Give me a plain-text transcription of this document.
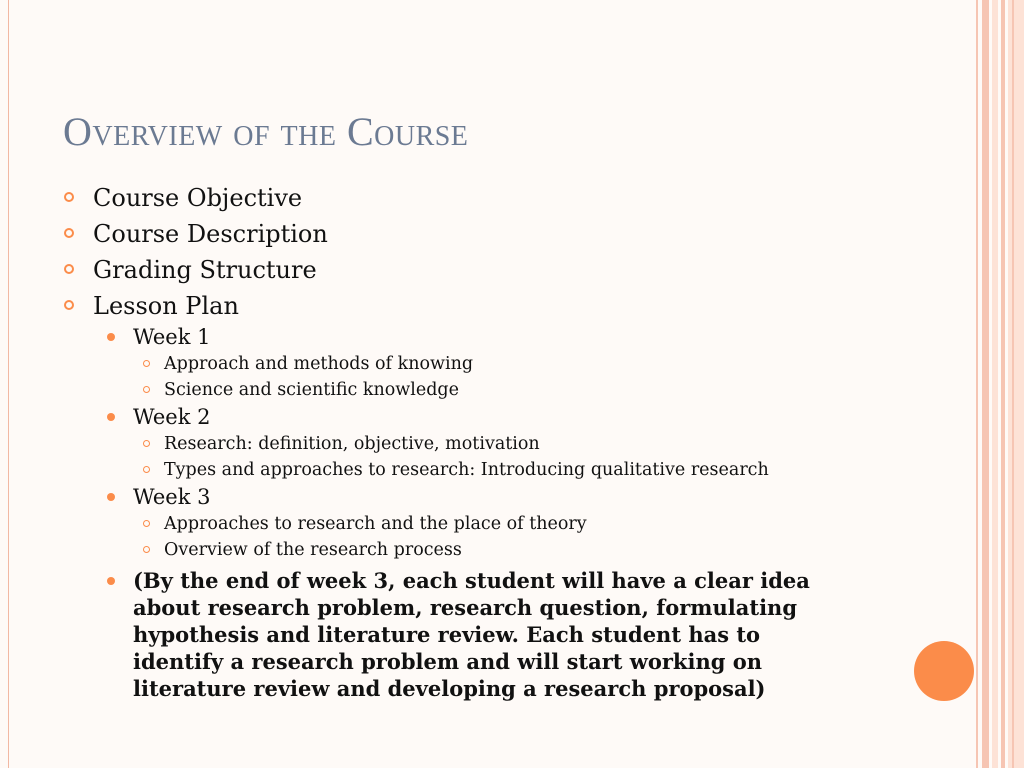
Overview of the Course
Course Objective
Course Description
Grading Structure
Lesson Plan
Week 1
Approach and methods of knowing
Science and scientific knowledge
Week 2
Research: definition, objective, motivation
Types and approaches to research: Introducing qualitative research
Week 3
Approaches to research and the place of theory
Overview of the research process
(By the end of week 3, each student will have a clear idea about research problem, research question, formulating hypothesis and literature review. Each student has to identify a research problem and will start working on literature review and developing a research proposal)
